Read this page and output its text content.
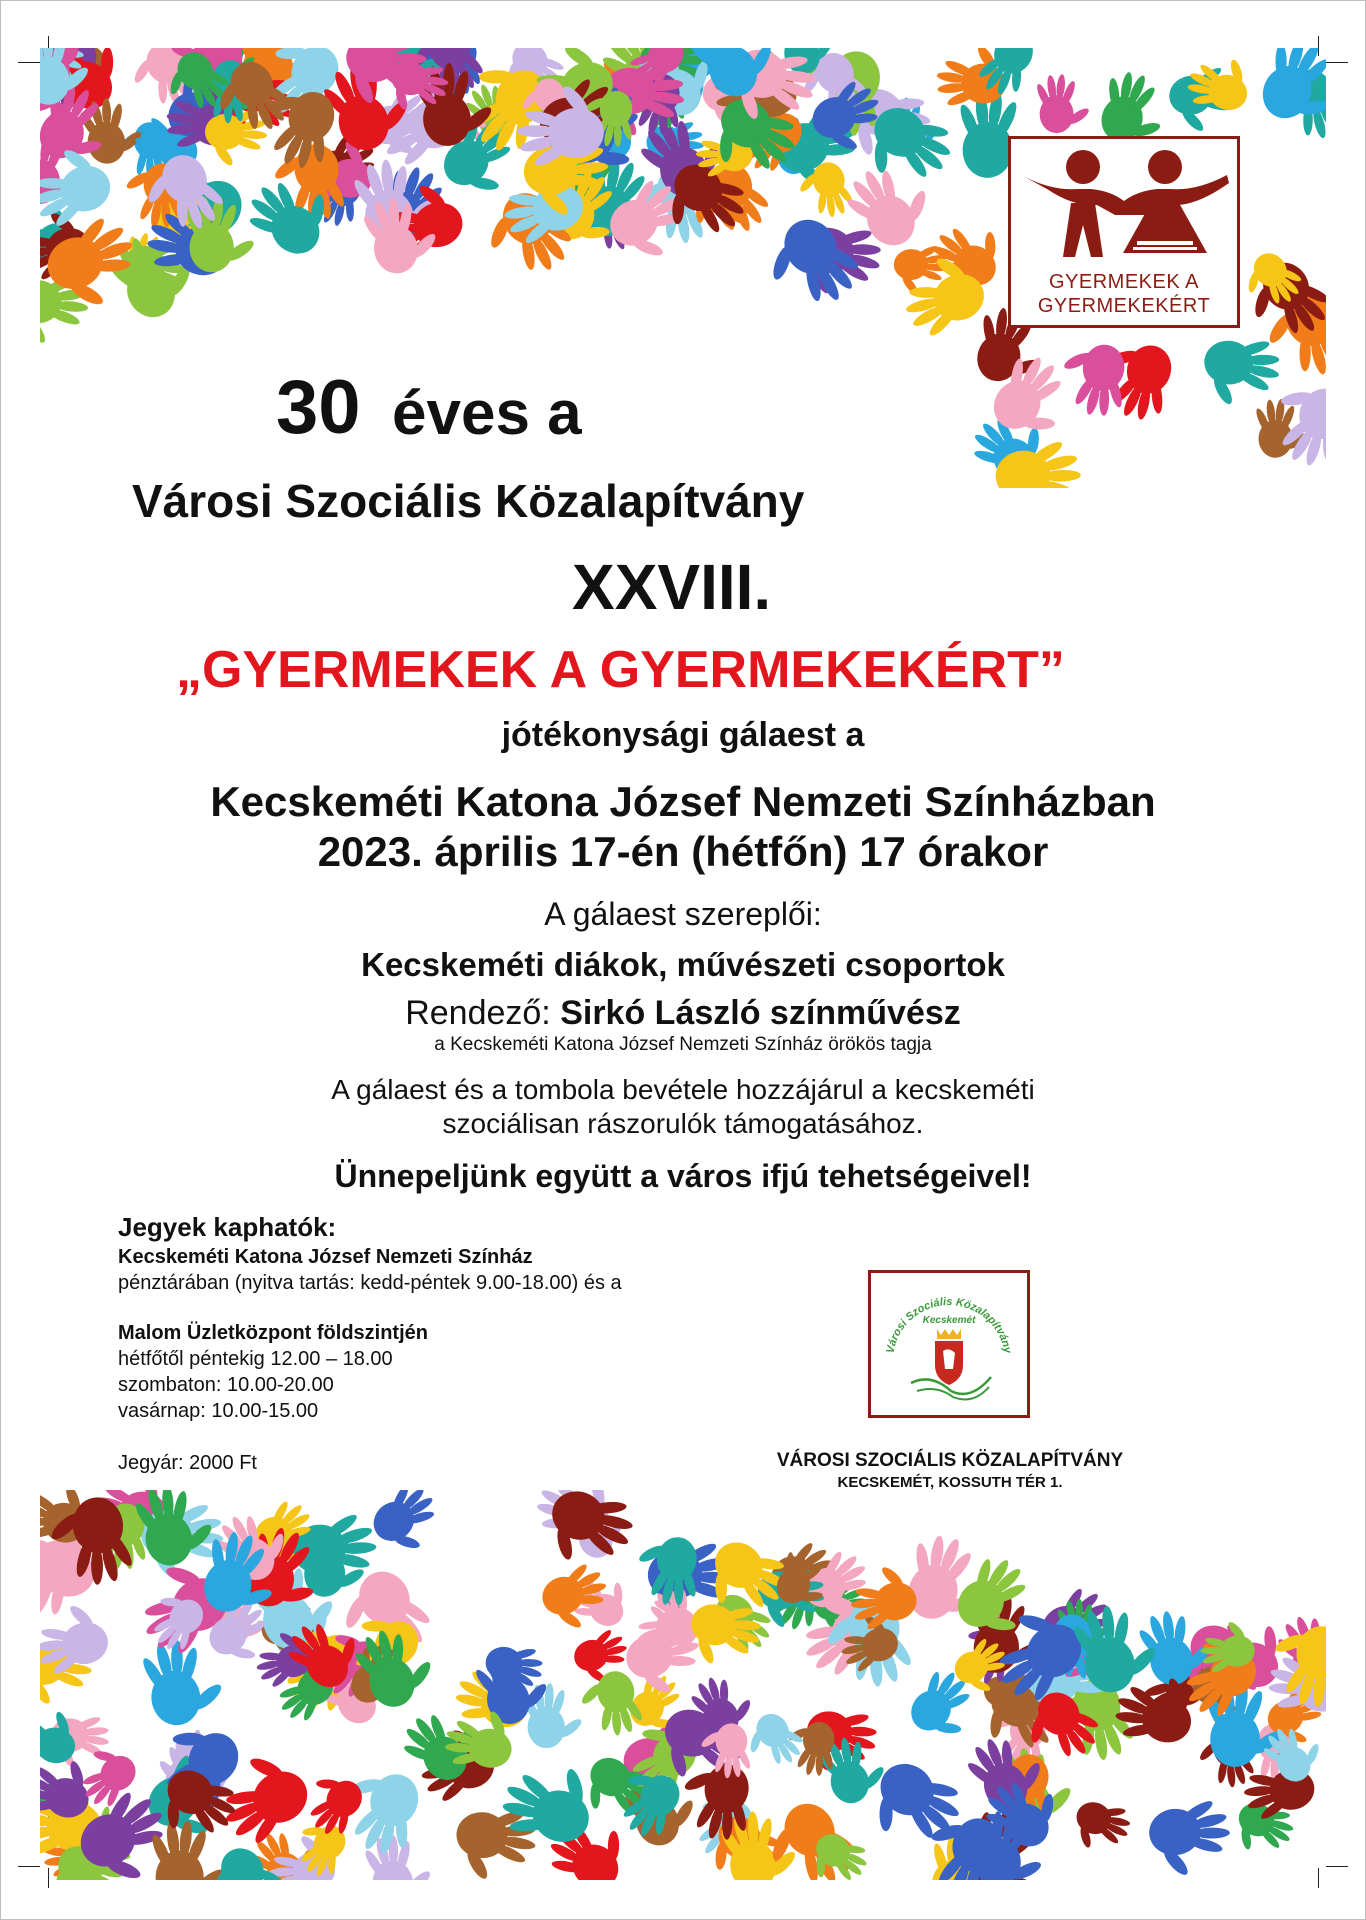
GYERMEKEK A
GYERMEKEKÉRT
30 éves a
Városi Szociális Közalapítvány
XXVIII.
„GYERMEKEK A GYERMEKEKÉRT”
jótékonysági gálaest a
Kecskeméti Katona József Nemzeti Színházban
2023. április 17-én (hétfőn) 17 órakor
A gálaest szereplői:
Kecskeméti diákok, művészeti csoportok
Rendező: Sirkó László színművész
a Kecskeméti Katona József Nemzeti Színház örökös tagja
A gálaest és a tombola bevétele hozzájárul a kecskeméti
szociálisan rászorulók támogatásához.
Ünnepeljünk együtt a város ifjú tehetségeivel!
Jegyek kaphatók:
Kecskeméti Katona József Nemzeti Színház
pénztárában (nyitva tartás: kedd-péntek 9.00-18.00) és a
Malom Üzletközpont földszintjén
hétfőtől péntekig 12.00 – 18.00
szombaton: 10.00-20.00
vasárnap: 10.00-15.00
Jegyár: 2000 Ft
Városi Szociális Közalapítvány
Kecskemét
VÁROSI SZOCIÁLIS KÖZALAPÍTVÁNY
KECSKEMÉT, KOSSUTH TÉR 1.
